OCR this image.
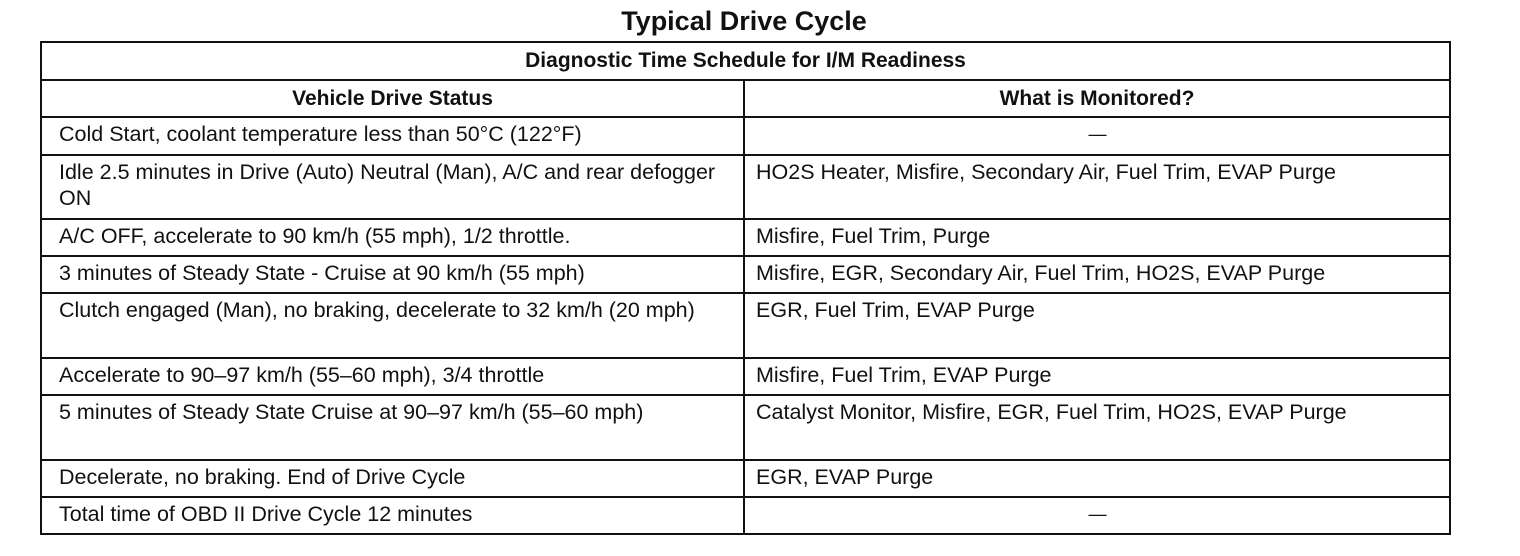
Typical Drive Cycle
Diagnostic Time Schedule for I/M Readiness	
Vehicle Drive Status	What is Monitored?
Cold Start, coolant temperature less than 50°C (122°F)	—
Idle 2.5 minutes in Drive (Auto) Neutral (Man), A/C and rear defogger ON	HO2S Heater, Misfire, Secondary Air, Fuel Trim, EVAP Purge
A/C OFF, accelerate to 90 km/h (55 mph), 1/2 throttle.	Misfire, Fuel Trim, Purge
3 minutes of Steady State - Cruise at 90 km/h (55 mph)	Misfire, EGR, Secondary Air, Fuel Trim, HO2S, EVAP Purge
Clutch engaged (Man), no braking, decelerate to 32 km/h (20 mph)	EGR, Fuel Trim, EVAP Purge
Accelerate to 90–97 km/h (55–60 mph), 3/4 throttle	Misfire, Fuel Trim, EVAP Purge
5 minutes of Steady State Cruise at 90–97 km/h (55–60 mph)	Catalyst Monitor, Misfire, EGR, Fuel Trim, HO2S, EVAP Purge
Decelerate, no braking. End of Drive Cycle	EGR, EVAP Purge
Total time of OBD II Drive Cycle 12 minutes	—
